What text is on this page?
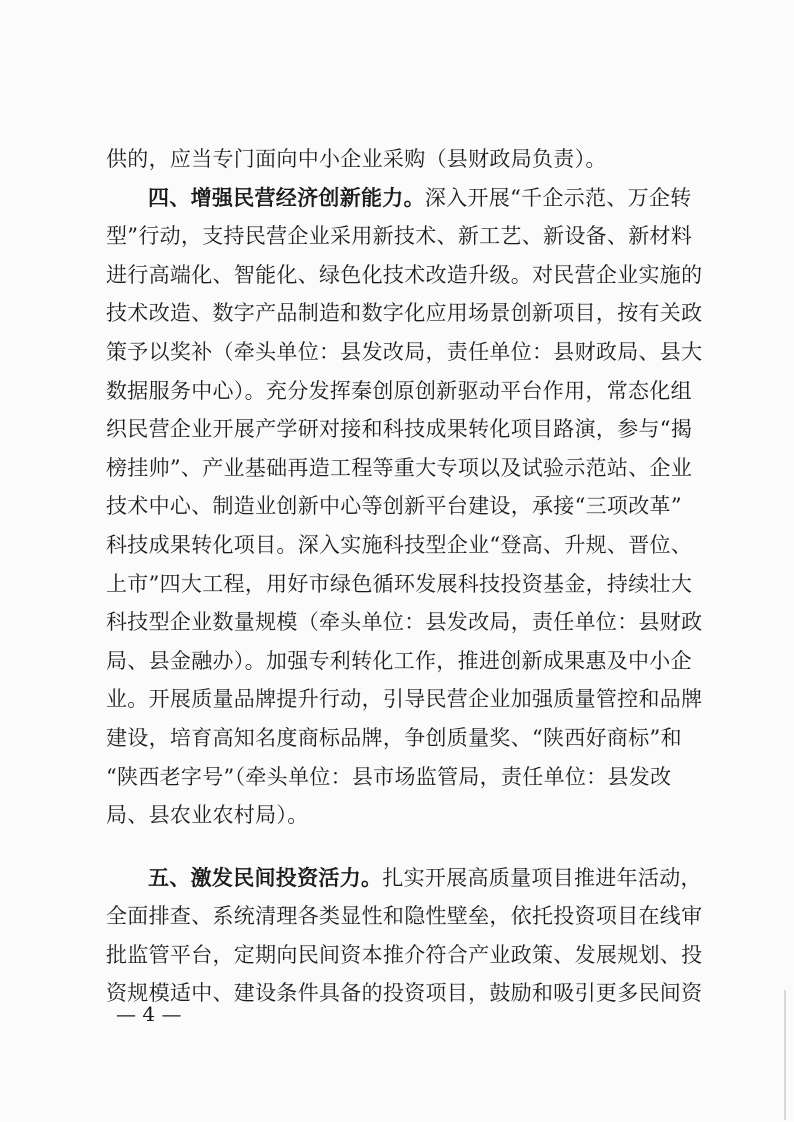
供的，应当专门面向中小企业采购（县财政局负责）。
四、增强民营经济创新能力。深入开展“千企示范、万企转
型”行动，支持民营企业采用新技术、新工艺、新设备、新材料
进行高端化、智能化、绿色化技术改造升级。对民营企业实施的
技术改造、数字产品制造和数字化应用场景创新项目，按有关政
策予以奖补（牵头单位：县发改局，责任单位：县财政局、县大
数据服务中心）。充分发挥秦创原创新驱动平台作用，常态化组
织民营企业开展产学研对接和科技成果转化项目路演，参与“揭
榜挂帅”、产业基础再造工程等重大专项以及试验示范站、企业
技术中心、制造业创新中心等创新平台建设，承接“三项改革”
科技成果转化项目。深入实施科技型企业“登高、升规、晋位、
上市”四大工程，用好市绿色循环发展科技投资基金，持续壮大
科技型企业数量规模（牵头单位：县发改局，责任单位：县财政
局、县金融办）。加强专利转化工作，推进创新成果惠及中小企
业。开展质量品牌提升行动，引导民营企业加强质量管控和品牌
建设，培育高知名度商标品牌，争创质量奖、“陕西好商标”和
“陕西老字号”（牵头单位：县市场监管局，责任单位：县发改
局、县农业农村局）。
五、激发民间投资活力。扎实开展高质量项目推进年活动，
全面排查、系统清理各类显性和隐性壁垒，依托投资项目在线审
批监管平台，定期向民间资本推介符合产业政策、发展规划、投
资规模适中、建设条件具备的投资项目，鼓励和吸引更多民间资
— 4 —
